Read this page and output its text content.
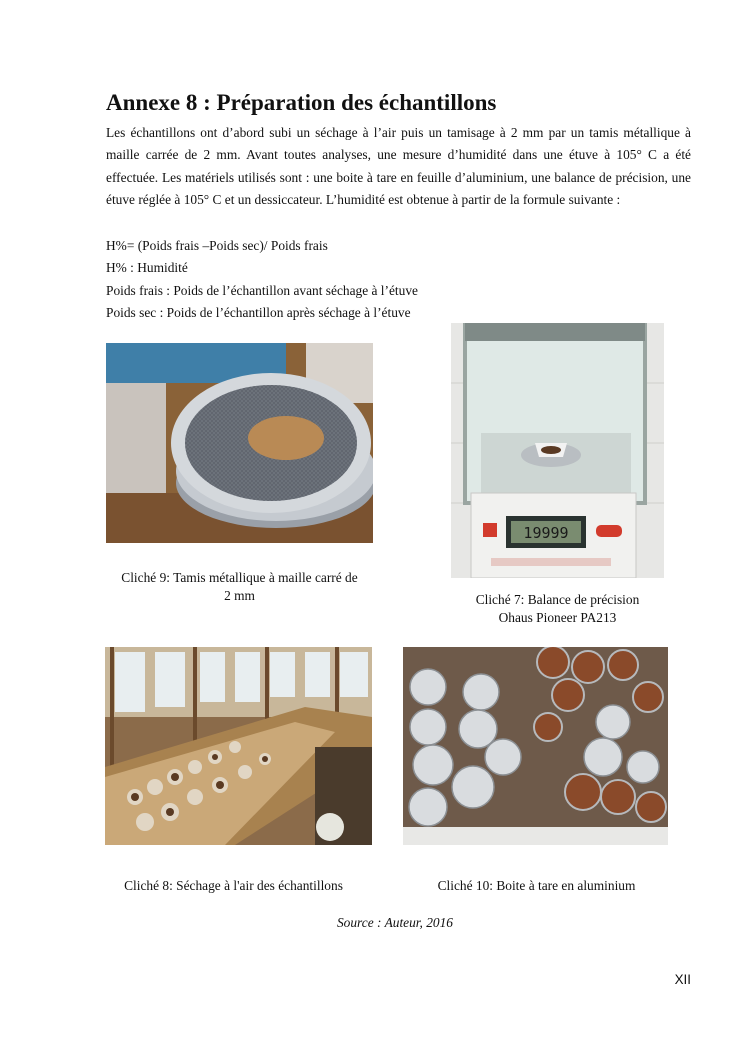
Annexe 8 : Préparation des échantillons

Les échantillons ont d’abord subi un séchage à l’air puis un tamisage à 2 mm par un tamis métallique à maille carrée de 2 mm. Avant toutes analyses, une mesure d’humidité dans une étuve à 105° C a été effectuée. Les matériels utilisés sont : une boite à tare en feuille d’aluminium, une balance de précision, une étuve réglée à 105° C et un dessiccateur. L’humidité est obtenue à partir de la formule suivante :

H%= (Poids frais –Poids sec)/ Poids frais

H% : Humidité

Poids frais : Poids de l’échantillon avant séchage à l’étuve

Poids sec : Poids de l’échantillon après séchage à l’étuve

Cliché 9: Tamis métallique à maille carré de
2 mm

19999

Cliché 7: Balance de précision
Ohaus Pioneer PA213

Cliché 8: Séchage à l'air des échantillons	Cliché 10: Boite à tare en aluminium

Source : Auteur, 2016

XII
